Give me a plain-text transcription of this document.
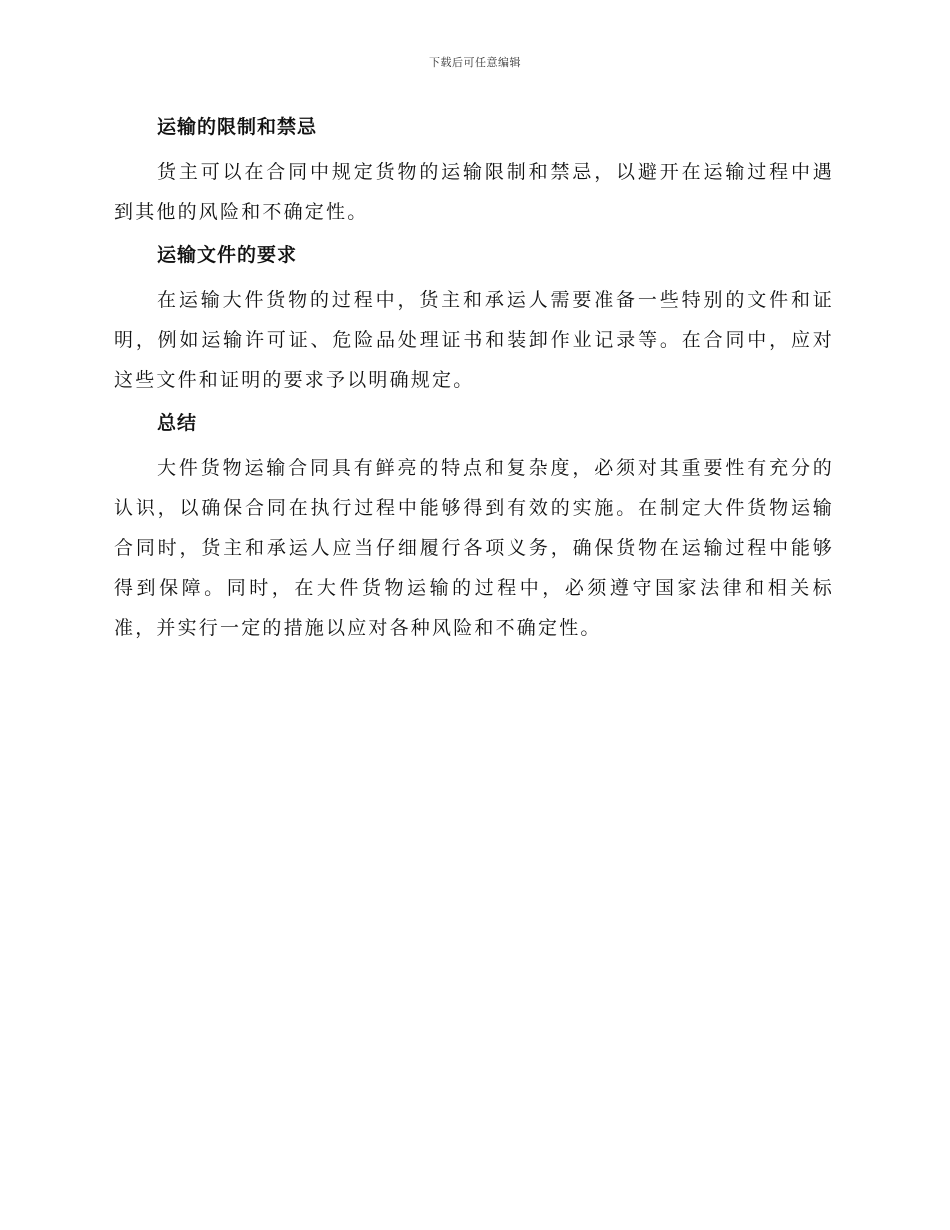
下载后可任意编辑
运输的限制和禁忌

货主可以在合同中规定货物的运输限制和禁忌，以避开在运输过程中遇到其他的风险和不确定性。

运输文件的要求

在运输大件货物的过程中，货主和承运人需要准备一些特别的文件和证明，例如运输许可证、危险品处理证书和装卸作业记录等。在合同中，应对这些文件和证明的要求予以明确规定。

总结

大件货物运输合同具有鲜亮的特点和复杂度，必须对其重要性有充分的认识，以确保合同在执行过程中能够得到有效的实施。在制定大件货物运输合同时，货主和承运人应当仔细履行各项义务，确保货物在运输过程中能够得到保障。同时，在大件货物运输的过程中，必须遵守国家法律和相关标准，并实行一定的措施以应对各种风险和不确定性。
